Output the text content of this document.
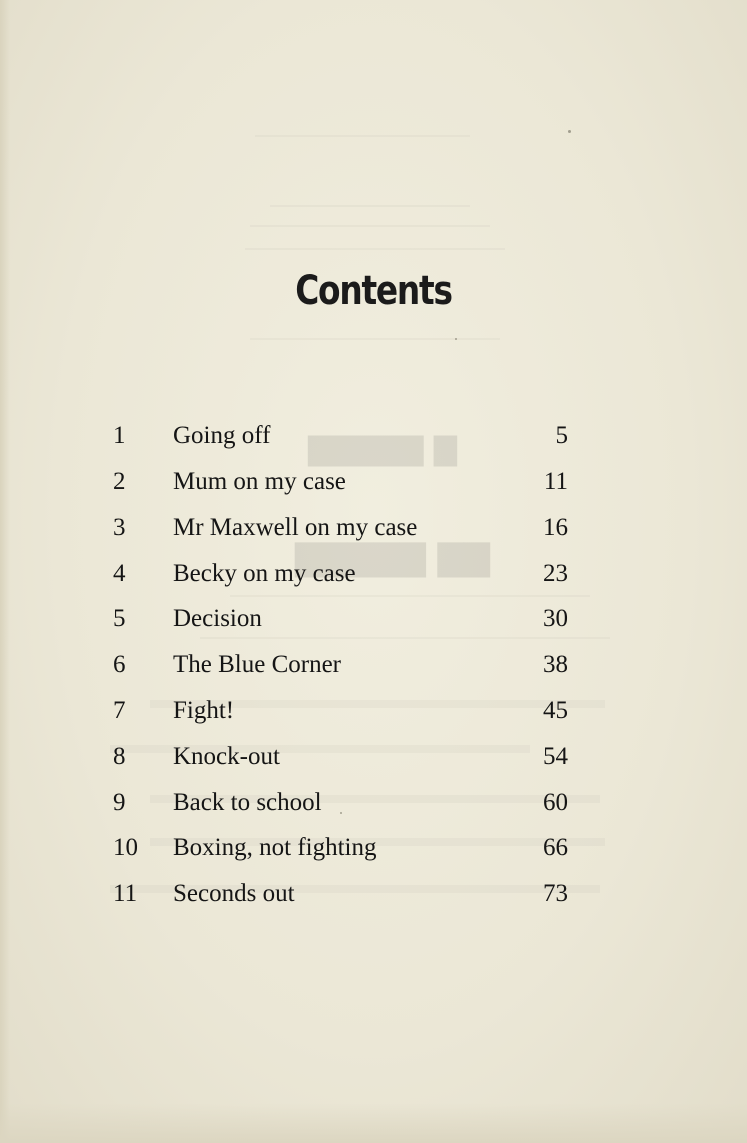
▇▇▇▇▇ ▇
▇▇▇▇▇ ▇▇
Contents
1 Going off	5
2 Mum on my case	11
3 Mr Maxwell on my case	16
4 Becky on my case	23
5 Decision	30
6 The Blue Corner	38
7 Fight!	45
8 Knock-out	54
9 Back to school	60
10 Boxing, not fighting	66
11 Seconds out	73
